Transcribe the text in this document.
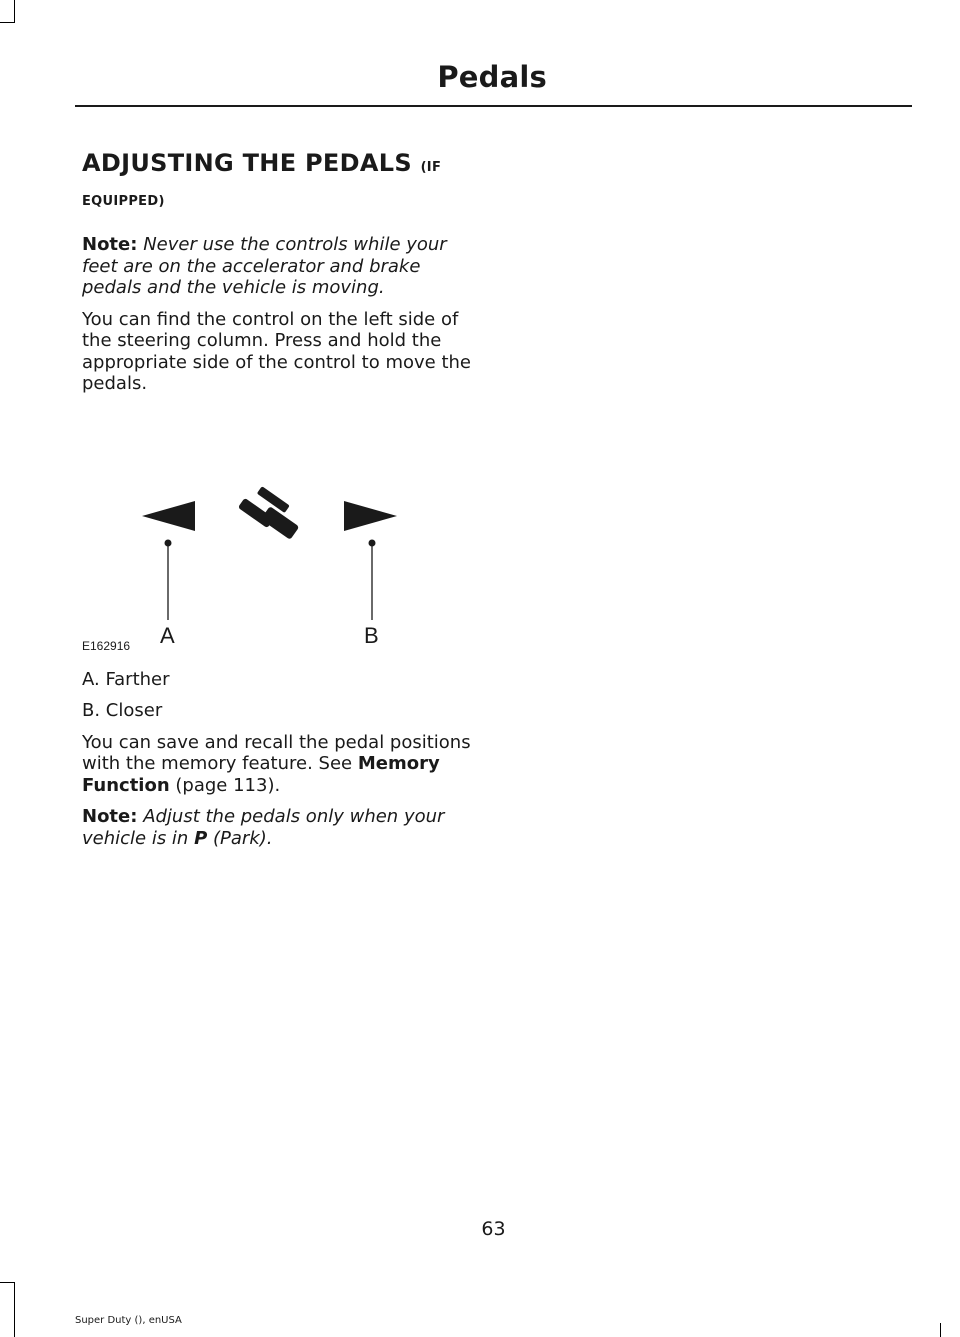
Pedals
ADJUSTING THE PEDALS (IF
EQUIPPED)

Note: Never use the controls while your feet are on the accelerator and brake pedals and the vehicle is moving.

You can find the control on the left side of the steering column. Press and hold the appropriate side of the control to move the pedals.

A	B
E162916

A. Farther

B. Closer

You can save and recall the pedal positions with the memory feature. See Memory Function (page 113).

Note: Adjust the pedals only when your vehicle is in P (Park).

63
Super Duty (), enUSA
